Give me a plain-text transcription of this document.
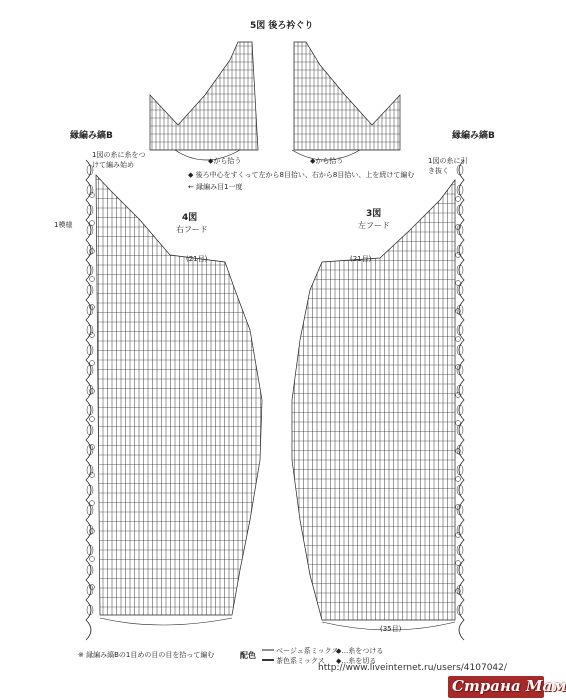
5図 後ろ衿ぐり
◆ 後ろ中心をすくって左から8目拾い、右から8目拾い、上を続けて編む
← 縁編み目1一度
◆から拾う	◆から拾う
縁編み縞B
1図の糸に糸をつけて編み始め
1模様
縁編み縞B
1図の糸に引き抜く
4図
右フード
(21目)
3図
左フード
(21目)
(35目)
※ 縁編み縞Bの1目めの目の目を拾って編む	配色	ベージュ系ミックス
茶色系ミックス
◆…糸をつける
◆…糸を切る
http://www.liveinternet.ru/users/4107042/
Страна Мам
